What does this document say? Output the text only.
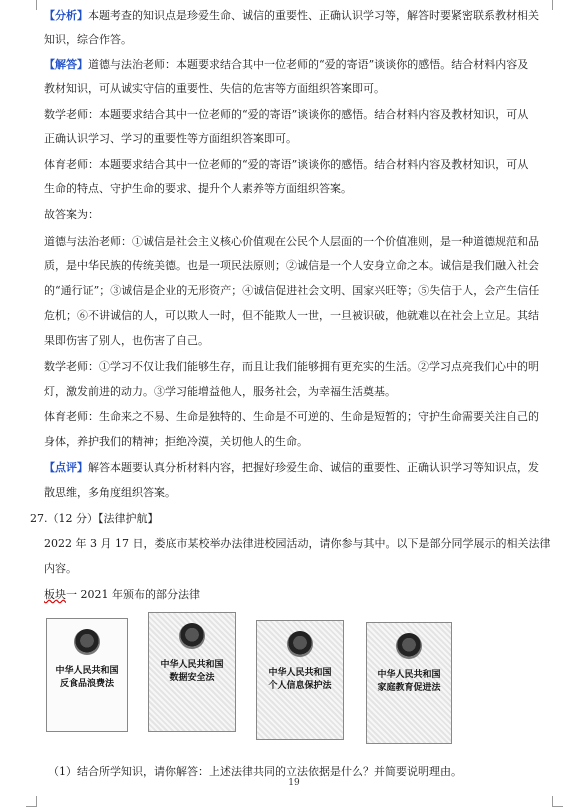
【分析】本题考查的知识点是珍爱生命、诚信的重要性、正确认识学习等，解答时要紧密联系教材相关
知识，综合作答。
【解答】道德与法治老师：本题要求结合其中一位老师的“爱的寄语”谈谈你的感悟。结合材料内容及
教材知识，可从诚实守信的重要性、失信的危害等方面组织答案即可。
数学老师：本题要求结合其中一位老师的“爱的寄语”谈谈你的感悟。结合材料内容及教材知识，可从
正确认识学习、学习的重要性等方面组织答案即可。
体育老师：本题要求结合其中一位老师的“爱的寄语”谈谈你的感悟。结合材料内容及教材知识，可从
生命的特点、守护生命的要求、提升个人素养等方面组织答案。
故答案为：
道德与法治老师：①诚信是社会主义核心价值观在公民个人层面的一个价值准则，是一种道德规范和品
质，是中华民族的传统美德。也是一项民法原则；②诚信是一个人安身立命之本。诚信是我们融入社会
的“通行证”；③诚信是企业的无形资产；④诚信促进社会文明、国家兴旺等；⑤失信于人，会产生信任
危机；⑥不讲诚信的人，可以欺人一时，但不能欺人一世，一旦被识破，他就难以在社会上立足。其结
果即伤害了别人，也伤害了自己。
数学老师：①学习不仅让我们能够生存，而且让我们能够拥有更充实的生活。②学习点亮我们心中的明
灯，激发前进的动力。③学习能增益他人，服务社会，为幸福生活奠基。
体育老师：生命来之不易、生命是独特的、生命是不可逆的、生命是短暂的；守护生命需要关注自己的
身体，养护我们的精神；拒绝冷漠，关切他人的生命。
【点评】解答本题要认真分析材料内容，把握好珍爱生命、诚信的重要性、正确认识学习等知识点，发
散思维，多角度组织答案。
27.（12 分）【法律护航】
2022 年 3 月 17 日，娄底市某校举办法律进校园活动，请你参与其中。以下是部分同学展示的相关法律
内容。
板块一 2021 年颁布的部分法律
中华人民共和国
反食品浪费法
中华人民共和国
数据安全法	中华人民共和国
个人信息保护法
中华人民共和国
家庭教育促进法
（1）结合所学知识，请你解答：上述法律共同的立法依据是什么？并简要说明理由。
19
